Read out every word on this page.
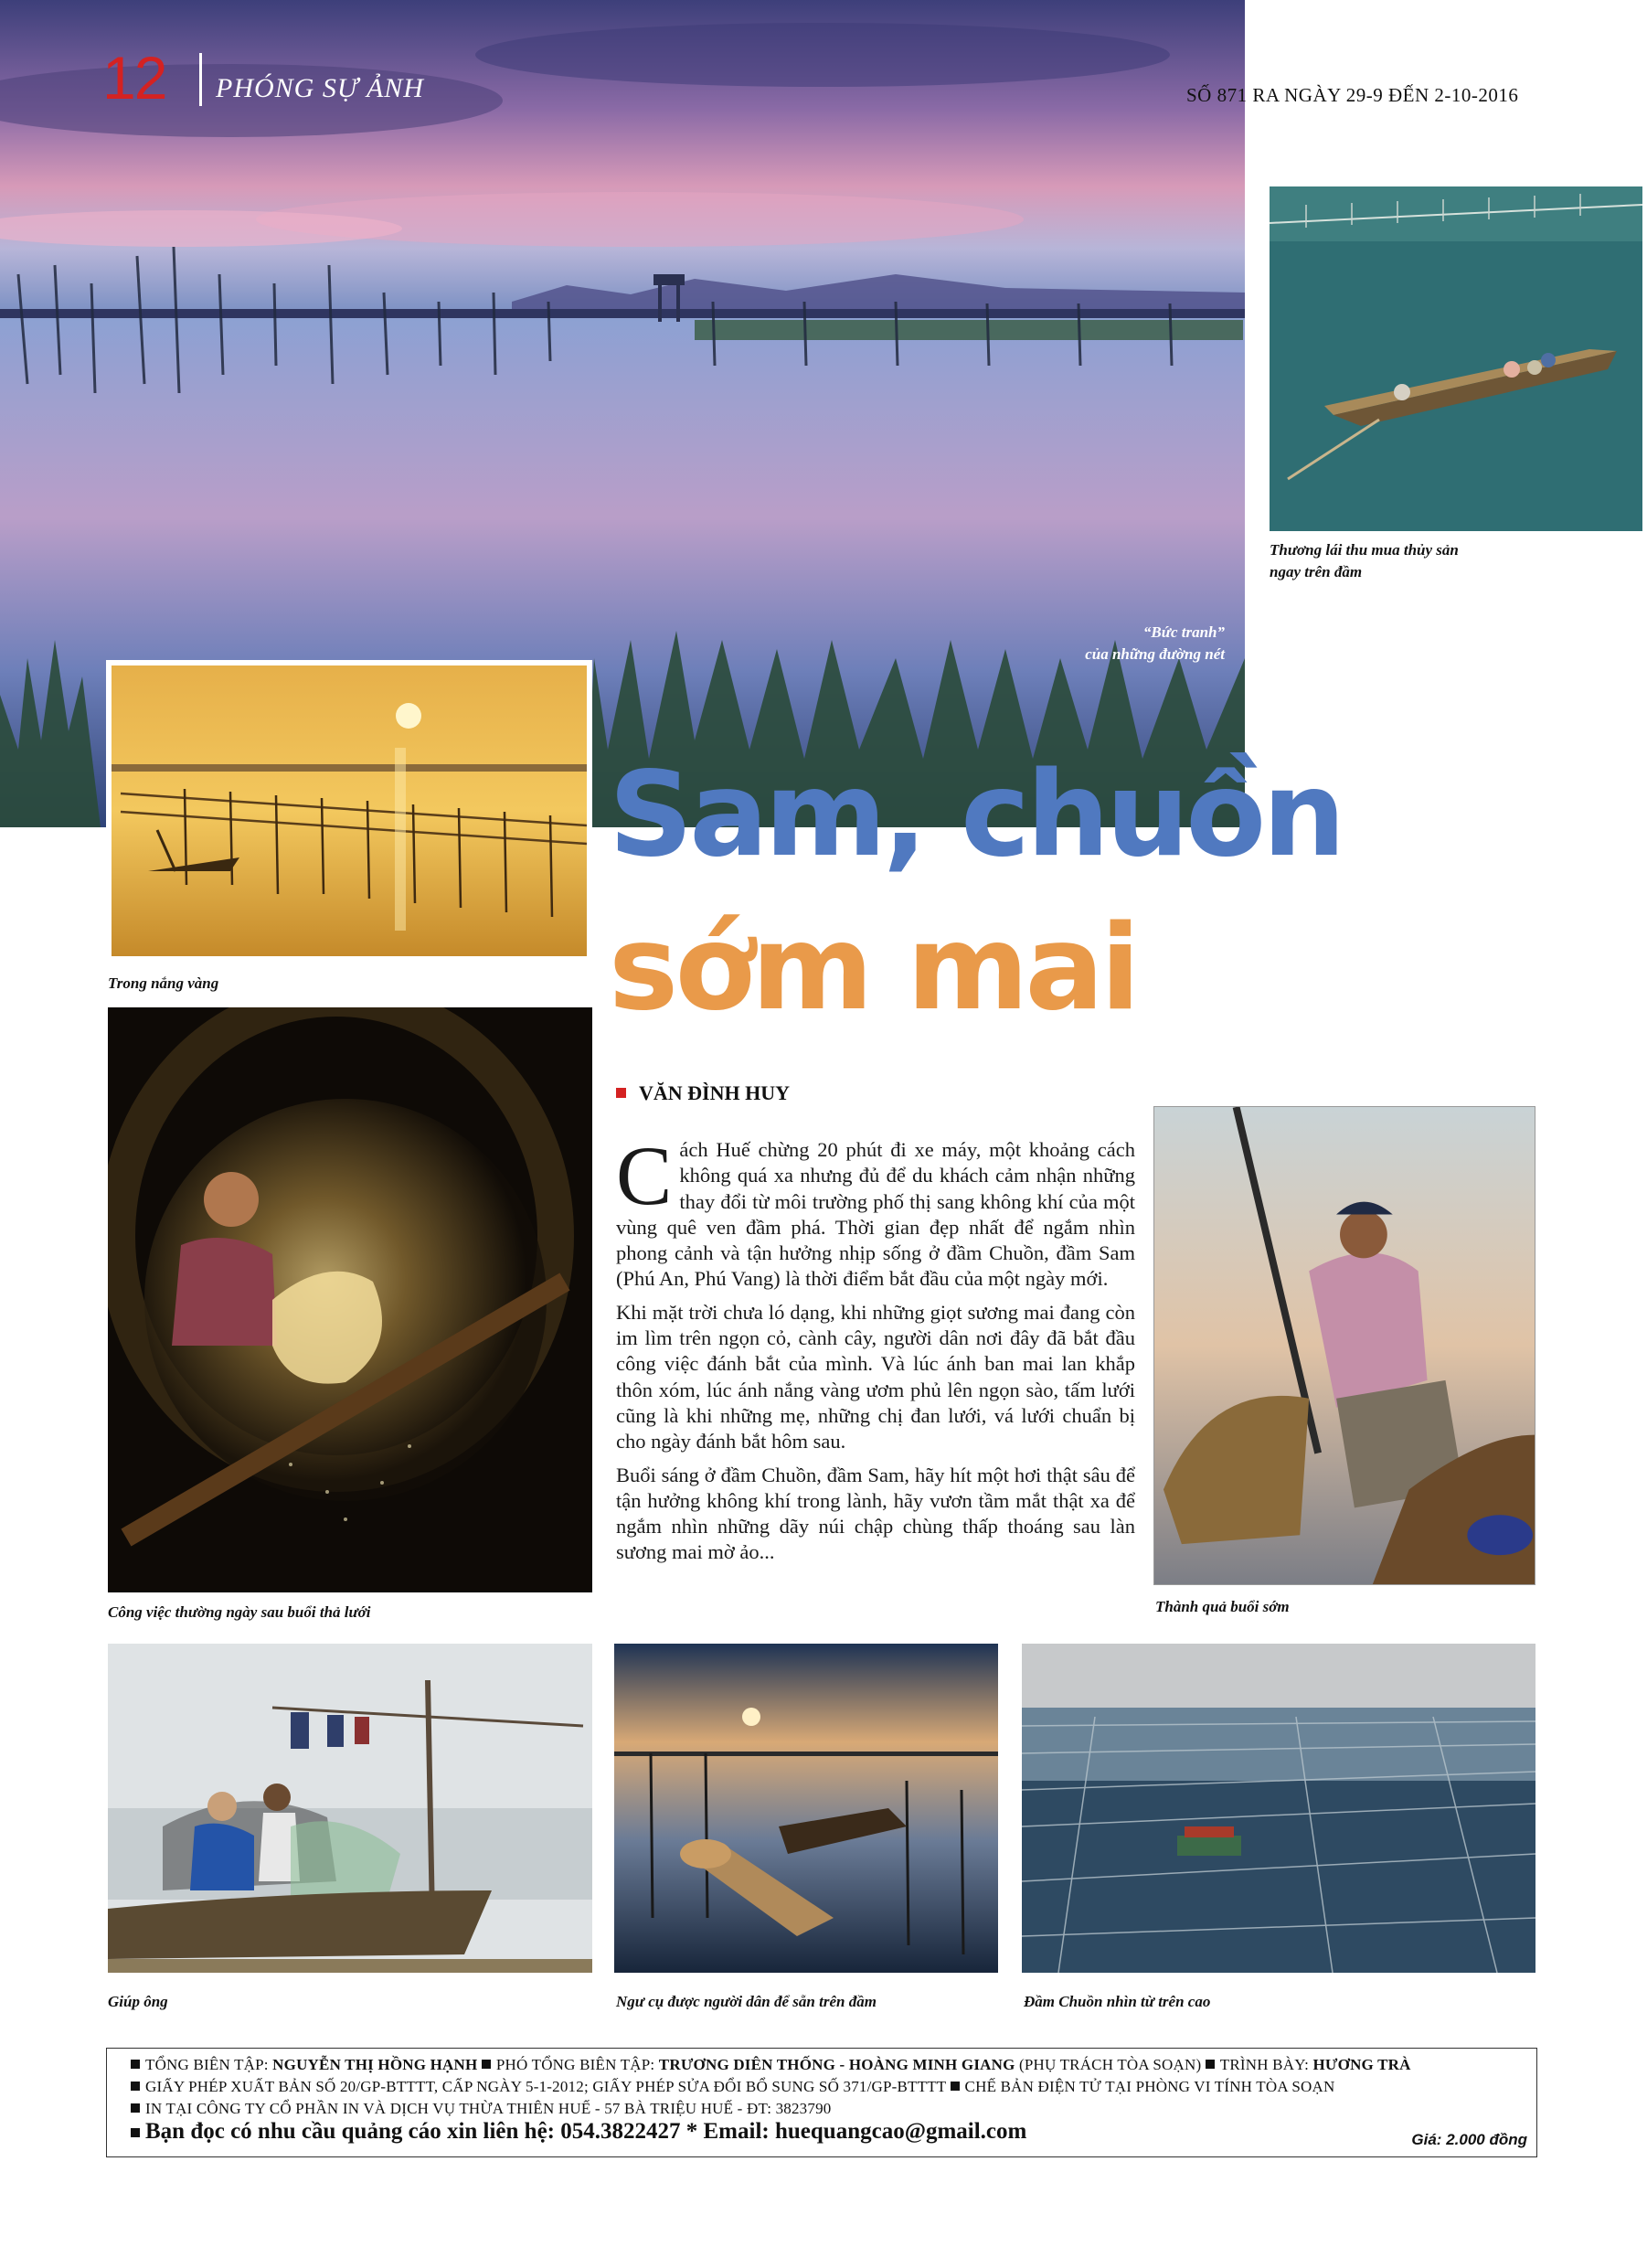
12 PHÓNG SỰ ẢNH	SỐ 871 RA NGÀY 29-9 ĐẾN 2-10-2016
“Bức tranh”
của những đường nét
Thương lái thu mua thủy sản
ngay trên đầm
Trong nắng vàng
Sam, chuồn
sớm mai
VĂN ĐÌNH HUY

Cách Huế chừng 20 phút đi xe máy, một khoảng cách không quá xa nhưng đủ để du khách cảm nhận những thay đổi từ môi trường phố thị sang không khí của một vùng quê ven đầm phá. Thời gian đẹp nhất để ngắm nhìn phong cảnh và tận hưởng nhịp sống ở đầm Chuồn, đầm Sam (Phú An, Phú Vang) là thời điểm bắt đầu của một ngày mới.

Khi mặt trời chưa ló dạng, khi những giọt sương mai đang còn im lìm trên ngọn cỏ, cành cây, người dân nơi đây đã bắt đầu công việc đánh bắt của mình. Và lúc ánh ban mai lan khắp thôn xóm, lúc ánh nắng vàng ươm phủ lên ngọn sào, tấm lưới cũng là khi những mẹ, những chị đan lưới, vá lưới chuẩn bị cho ngày đánh bắt hôm sau.

Buổi sáng ở đầm Chuồn, đầm Sam, hãy hít một hơi thật sâu để tận hưởng không khí trong lành, hãy vươn tầm mắt thật xa để ngắm nhìn những dãy núi chập chùng thấp thoáng sau làn sương mai mờ ảo...

Công việc thường ngày sau buổi thả lưới	Thành quả buổi sớm
Giúp ông	Ngư cụ được người dân để sẵn trên đầm	Đầm Chuồn nhìn từ trên cao
TỔNG BIÊN TẬP: NGUYỄN THỊ HỒNG HẠNH PHÓ TỔNG BIÊN TẬP: TRƯƠNG DIÊN THỐNG - HOÀNG MINH GIANG (PHỤ TRÁCH TÒA SOẠN) TRÌNH BÀY: HƯƠNG TRÀ
GIẤY PHÉP XUẤT BẢN SỐ 20/GP-BTTTT, CẤP NGÀY 5-1-2012; GIẤY PHÉP SỬA ĐỔI BỔ SUNG SỐ 371/GP-BTTTT CHẾ BẢN ĐIỆN TỬ TẠI PHÒNG VI TÍNH TÒA SOẠN
IN TẠI CÔNG TY CỔ PHẦN IN VÀ DỊCH VỤ THỪA THIÊN HUẾ - 57 BÀ TRIỆU HUẾ - ĐT: 3823790
Bạn đọc có nhu cầu quảng cáo xin liên hệ: 054.3822427 * Email: huequangcao@gmail.com	Giá: 2.000 đồng
